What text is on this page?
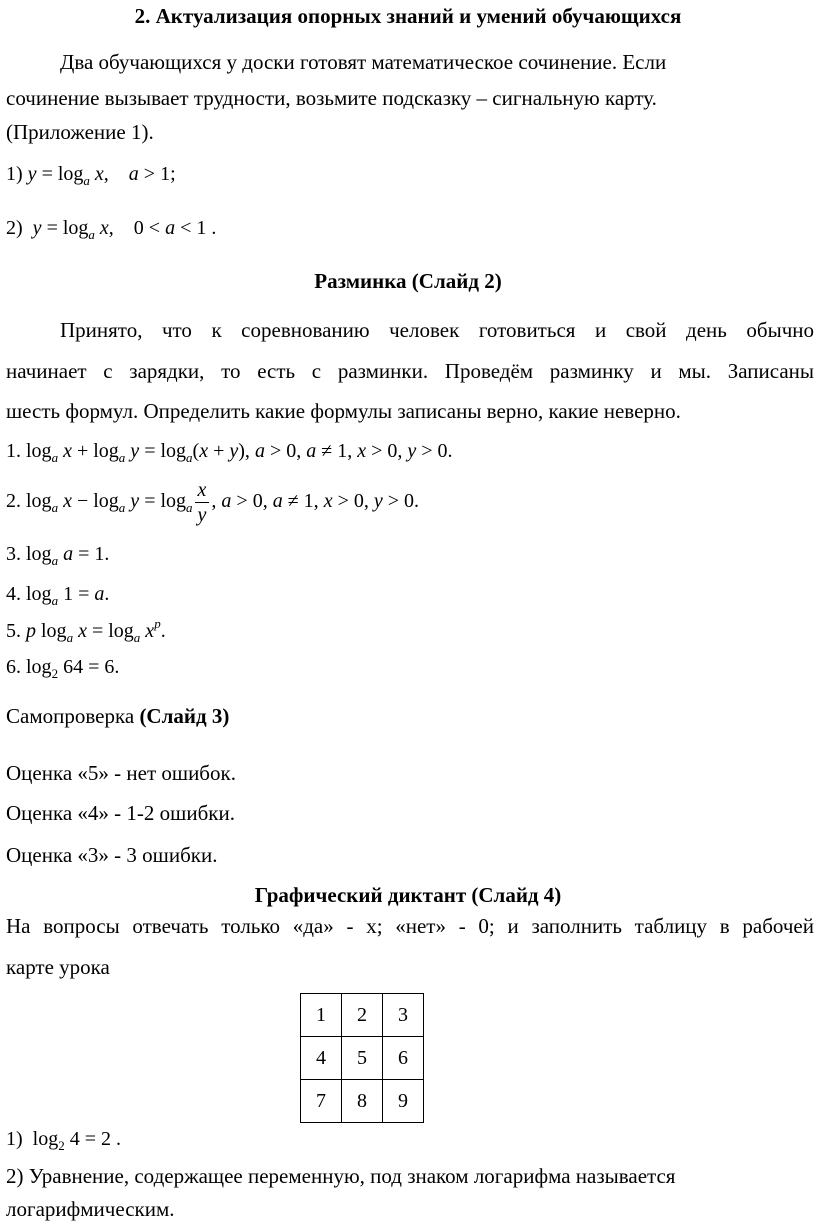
2. Актуализация опорных знаний и умений обучающихся
Два обучающихся у доски готовят математическое сочинение. Если
сочинение вызывает трудности, возьмите подсказку – сигнальную карту.
(Приложение 1).
1) $y = \log_a x$,    a > 1;
2)  $y = \log_a x$,    0 < a < 1 .
Разминка (Слайд 2)
Принято, что к соревнованию человек готовиться и свой день обычно
начинает с зарядки, то есть с разминки. Проведём разминку и мы. Записаны
шесть формул. Определить какие формулы записаны верно, какие неверно.
1. $\log_a x + \log_a y = \log_a(x + y)$, a > 0, a ≠ 1, x > 0, y > 0.
2. $\log_a x - \log_a y = \log_a \frac{x}{y}$ , a > 0, a ≠ 1, x > 0, y > 0.
3. $\log_a a = 1$.
4. $\log_a 1 = a$.
5. p $\log_a x = \log_a x^p$.
6. $\log_2 64 = 6$.
Самопроверка (Слайд 3)
Оценка «5» - нет ошибок.
Оценка «4» - 1-2 ошибки.
Оценка «3» - 3 ошибки.
Графический диктант (Слайд 4)
На вопросы отвечать только «да» - x; «нет» - 0; и заполнить таблицу в рабочей
карте урока
1	2	3
4	5	6
7	8	9
1)  $\log_2 4 = 2$ .
2) Уравнение, содержащее переменную, под знаком логарифма называется
логарифмическим.
